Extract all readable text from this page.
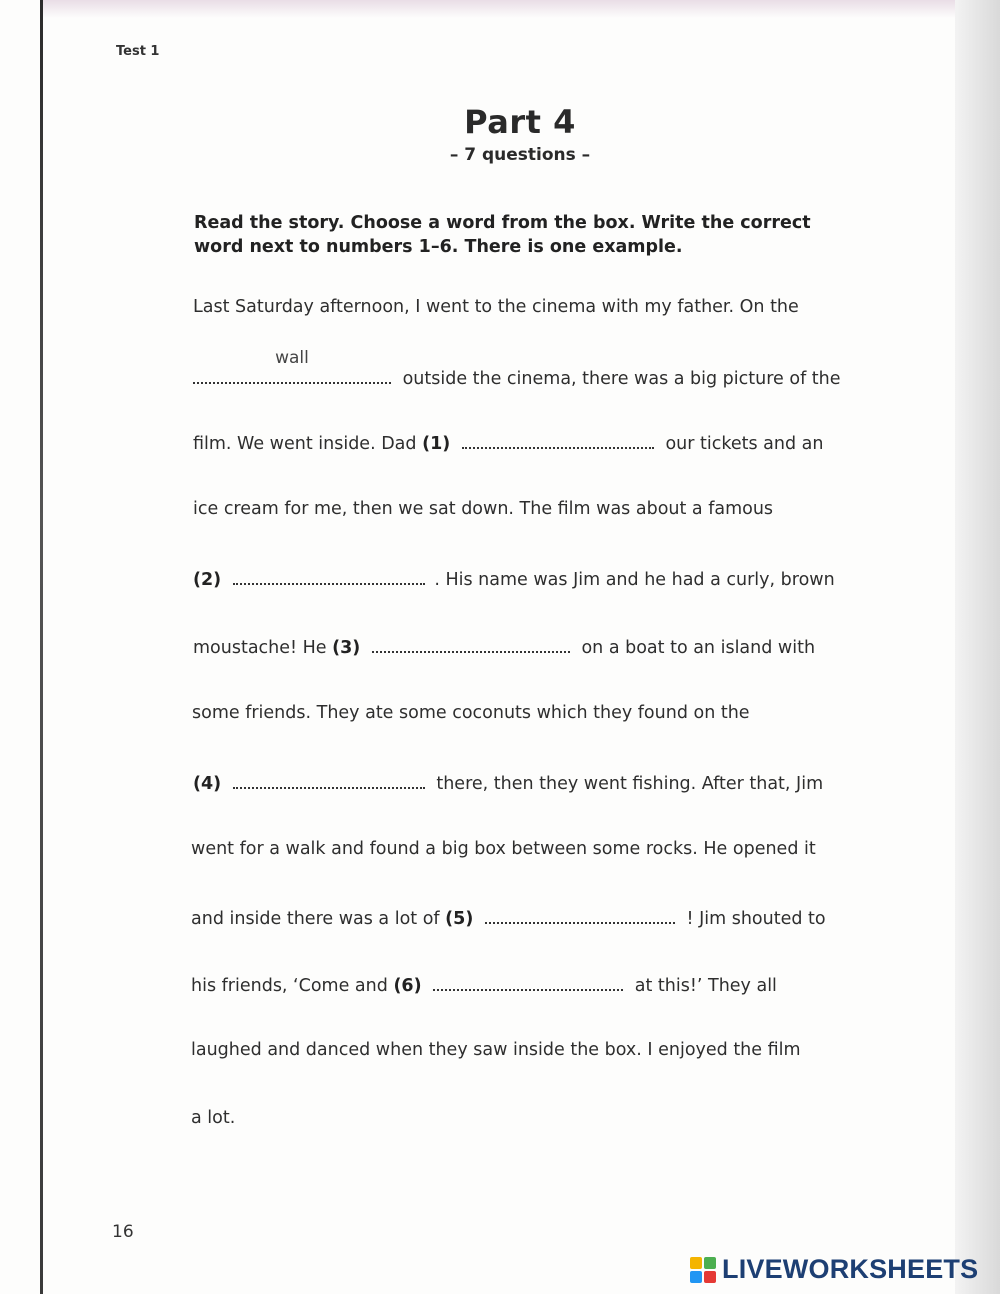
Test 1
Part 4
– 7 questions –
Read the story. Choose a word from the box. Write the correct word next to numbers 1–6. There is one example.
Last Saturday afternoon, I went to the cinema with my father. On the
wall
outside the cinema, there was a big picture of the
film. We went inside. Dad (1)	our tickets and an
ice cream for me, then we sat down. The film was about a famous
(2)	. His name was Jim and he had a curly, brown
moustache! He (3)	on a boat to an island with
some friends. They ate some coconuts which they found on the
(4)	there, then they went fishing. After that, Jim
went for a walk and found a big box between some rocks. He opened it
and inside there was a lot of (5)	! Jim shouted to
his friends, ‘Come and (6)	at this!’ They all
laughed and danced when they saw inside the box. I enjoyed the film
a lot.
16
LIVEWORKSHEETS
